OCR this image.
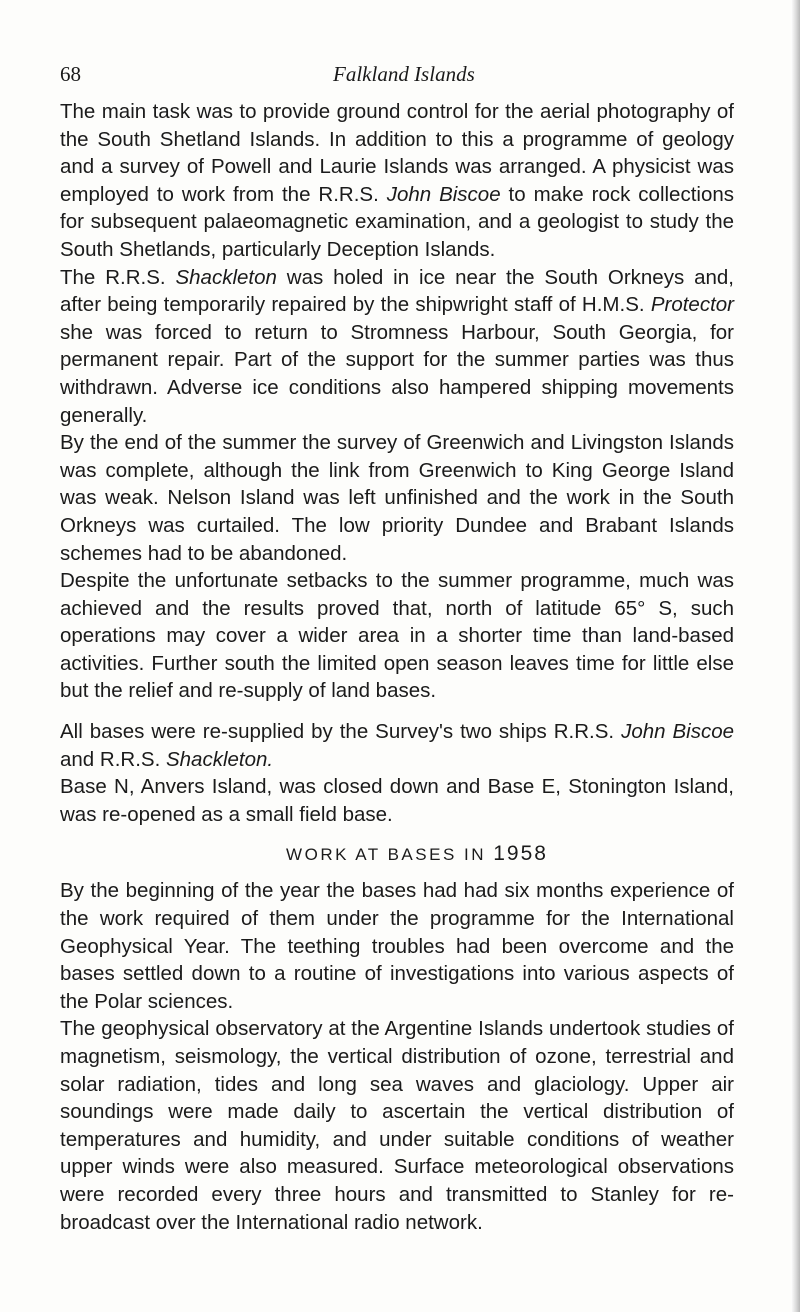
68	Falkland Islands

The main task was to provide ground control for the aerial photography of the South Shetland Islands. In addition to this a programme of geology and a survey of Powell and Laurie Islands was arranged. A physicist was employed to work from the R.R.S. John Biscoe to make rock collections for subsequent palaeomagnetic examination, and a geologist to study the South Shetlands, particularly Deception Islands.

The R.R.S. Shackleton was holed in ice near the South Orkneys and, after being temporarily repaired by the shipwright staff of H.M.S. Protector she was forced to return to Stromness Harbour, South Georgia, for permanent repair. Part of the support for the summer parties was thus withdrawn. Adverse ice conditions also hampered shipping movements generally.

By the end of the summer the survey of Greenwich and Livingston Islands was complete, although the link from Greenwich to King George Island was weak. Nelson Island was left unfinished and the work in the South Orkneys was curtailed. The low priority Dundee and Brabant Islands schemes had to be abandoned.

Despite the unfortunate setbacks to the summer programme, much was achieved and the results proved that, north of latitude 65° S, such operations may cover a wider area in a shorter time than land-based activities. Further south the limited open season leaves time for little else but the relief and re-supply of land bases.

All bases were re-supplied by the Survey's two ships R.R.S. John Biscoe and R.R.S. Shackleton.

Base N, Anvers Island, was closed down and Base E, Stonington Island, was re-opened as a small field base.

WORK AT BASES IN 1958

By the beginning of the year the bases had had six months experience of the work required of them under the programme for the International Geophysical Year. The teething troubles had been overcome and the bases settled down to a routine of investigations into various aspects of the Polar sciences.

The geophysical observatory at the Argentine Islands undertook studies of magnetism, seismology, the vertical distribution of ozone, terrestrial and solar radiation, tides and long sea waves and glaciology. Upper air soundings were made daily to ascertain the vertical distribution of temperatures and humidity, and under suitable conditions of weather upper winds were also measured. Surface meteorological observations were recorded every three hours and transmitted to Stanley for re-broadcast over the International radio network.
